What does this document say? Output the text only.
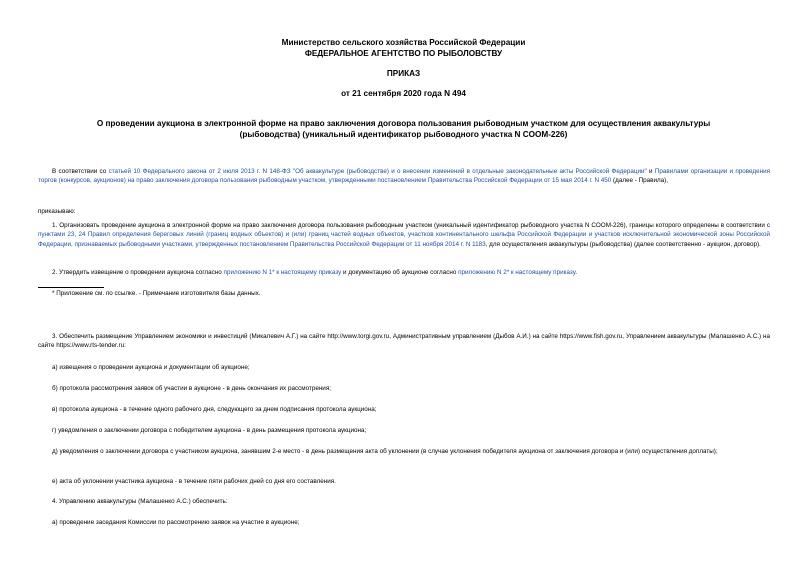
Министерство сельского хозяйства Российской Федерации
ФЕДЕРАЛЬНОЕ АГЕНТСТВО ПО РЫБОЛОВСТВУ
ПРИКАЗ
от 21 сентября 2020 года N 494
О проведении аукциона в электронной форме на право заключения договора пользования рыбоводным участком для осуществления аквакультуры
(рыбоводства) (уникальный идентификатор рыбоводного участка N COOM-226)
В соответствии со статьей 10 Федерального закона от 2 июля 2013 г. N 148-ФЗ "Об аквакультуре (рыбоводстве) и о внесении изменений в отдельные законодательные акты Российской Федерации" и Правилами организации и проведения торгов (конкурсов, аукционов) на право заключения договора пользования рыбоводным участком, утвержденными постановлением Правительства Российской Федерации от 15 мая 2014 г. N 450 (далее - Правила),
приказываю:
1. Организовать проведение аукциона в электронной форме на право заключения договора пользования рыбоводным участком (уникальный идентификатор рыбоводного участка N COOM-226), границы которого определены в соответствии с пунктами 23, 24 Правил определения береговых линий (границ водных объектов) и (или) границ частей водных объектов, участков континентального шельфа Российской Федерации и участков исключительной экономической зоны Российской Федерации, признаваемых рыбоводными участками, утвержденных постановлением Правительства Российской Федерации от 11 ноября 2014 г. N 1183, для осуществления аквакультуры (рыбоводства) (далее соответственно - аукцион, договор).
2. Утвердить извещение о проведении аукциона согласно приложению N 1* к настоящему приказу и документацию об аукционе согласно приложению N 2* к настоящему приказу.
* Приложение см. по ссылке. - Примечание изготовителя базы данных.
3. Обеспечить размещение Управлением экономики и инвестиций (Микалевич А.Г.) на сайте http://www.torgi.gov.ru, Административным управлением (Дыбов А.И.) на сайте https://www.fish.gov.ru, Управлением аквакультуры (Малашенко А.С.) на сайте https://www.rts-tender.ru:
а) извещения о проведении аукциона и документации об аукционе;
б) протокола рассмотрения заявок об участии в аукционе - в день окончания их рассмотрения;
в) протокола аукциона - в течение одного рабочего дня, следующего за днем подписания протокола аукциона;
г) уведомления о заключении договора с победителем аукциона - в день размещения протокола аукциона;
д) уведомления о заключении договора с участником аукциона, занявшим 2-е место - в день размещения акта об уклонении (в случае уклонения победителя аукциона от заключения договора и (или) осуществления доплаты);
е) акта об уклонении участника аукциона - в течение пяти рабочих дней со дня его составления.
4. Управлению аквакультуры (Малашенко А.С.) обеспечить:
а) проведение заседания Комиссии по рассмотрению заявок на участие в аукционе;
